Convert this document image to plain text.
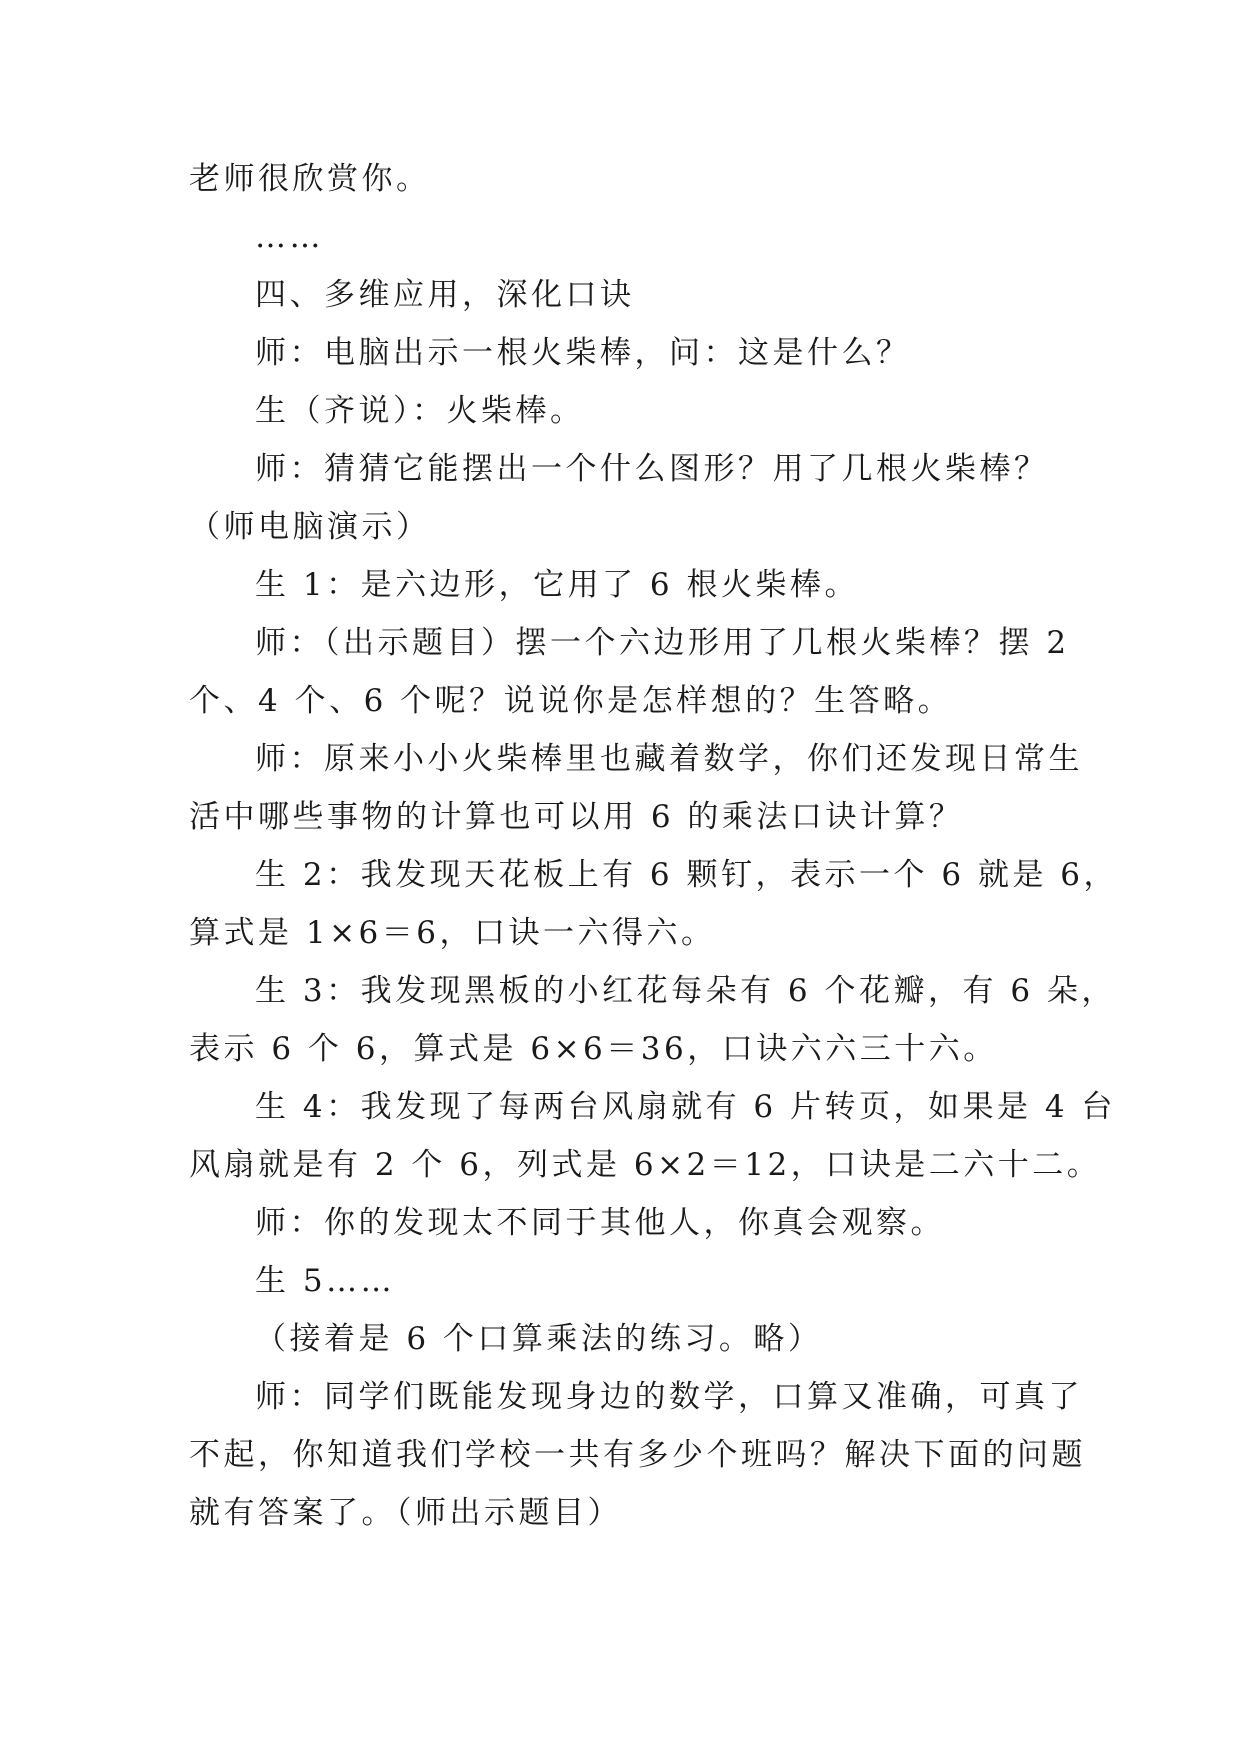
老师很欣赏你。
……
四、多维应用，深化口诀
师：电脑出示一根火柴棒，问：这是什么？
生（齐说）：火柴棒。
师：猜猜它能摆出一个什么图形？用了几根火柴棒？
（师电脑演示）
生 1：是六边形，它用了 6 根火柴棒。
师：（出示题目）摆一个六边形用了几根火柴棒？摆 2
个、4 个、6 个呢？说说你是怎样想的？生答略。
师：原来小小火柴棒里也藏着数学，你们还发现日常生
活中哪些事物的计算也可以用 6 的乘法口诀计算？
生 2：我发现天花板上有 6 颗钉，表示一个 6 就是 6，
算式是 1×6＝6，口诀一六得六。
生 3：我发现黑板的小红花每朵有 6 个花瓣，有 6 朵，
表示 6 个 6，算式是 6×6＝36，口诀六六三十六。
生 4：我发现了每两台风扇就有 6 片转页，如果是 4 台
风扇就是有 2 个 6，列式是 6×2＝12，口诀是二六十二。
师：你的发现太不同于其他人，你真会观察。
生 5……
（接着是 6 个口算乘法的练习。略）
师：同学们既能发现身边的数学，口算又准确，可真了
不起，你知道我们学校一共有多少个班吗？解决下面的问题
就有答案了。（师出示题目）
